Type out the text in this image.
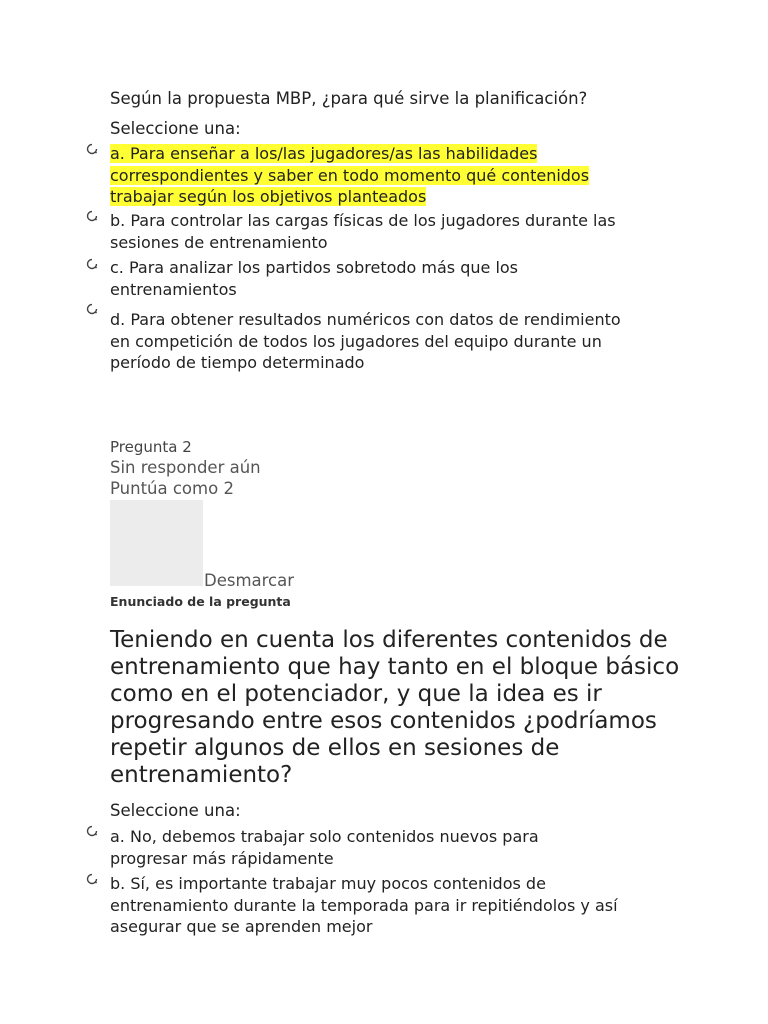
Según la propuesta MBP, ¿para qué sirve la planificación?
Seleccione una:
a. Para enseñar a los/las jugadores/as las habilidades
correspondientes y saber en todo momento qué contenidos
trabajar según los objetivos planteados
b. Para controlar las cargas físicas de los jugadores durante las
sesiones de entrenamiento
c. Para analizar los partidos sobretodo más que los
entrenamientos
d. Para obtener resultados numéricos con datos de rendimiento
en competición de todos los jugadores del equipo durante un
período de tiempo determinado
Pregunta 2
Sin responder aún
Puntúa como 2
Desmarcar
Enunciado de la pregunta
Teniendo en cuenta los diferentes contenidos de
entrenamiento que hay tanto en el bloque básico
como en el potenciador, y que la idea es ir
progresando entre esos contenidos ¿podríamos
repetir algunos de ellos en sesiones de
entrenamiento?
Seleccione una:
a. No, debemos trabajar solo contenidos nuevos para
progresar más rápidamente
b. Sí, es importante trabajar muy pocos contenidos de
entrenamiento durante la temporada para ir repitiéndolos y así
asegurar que se aprenden mejor
